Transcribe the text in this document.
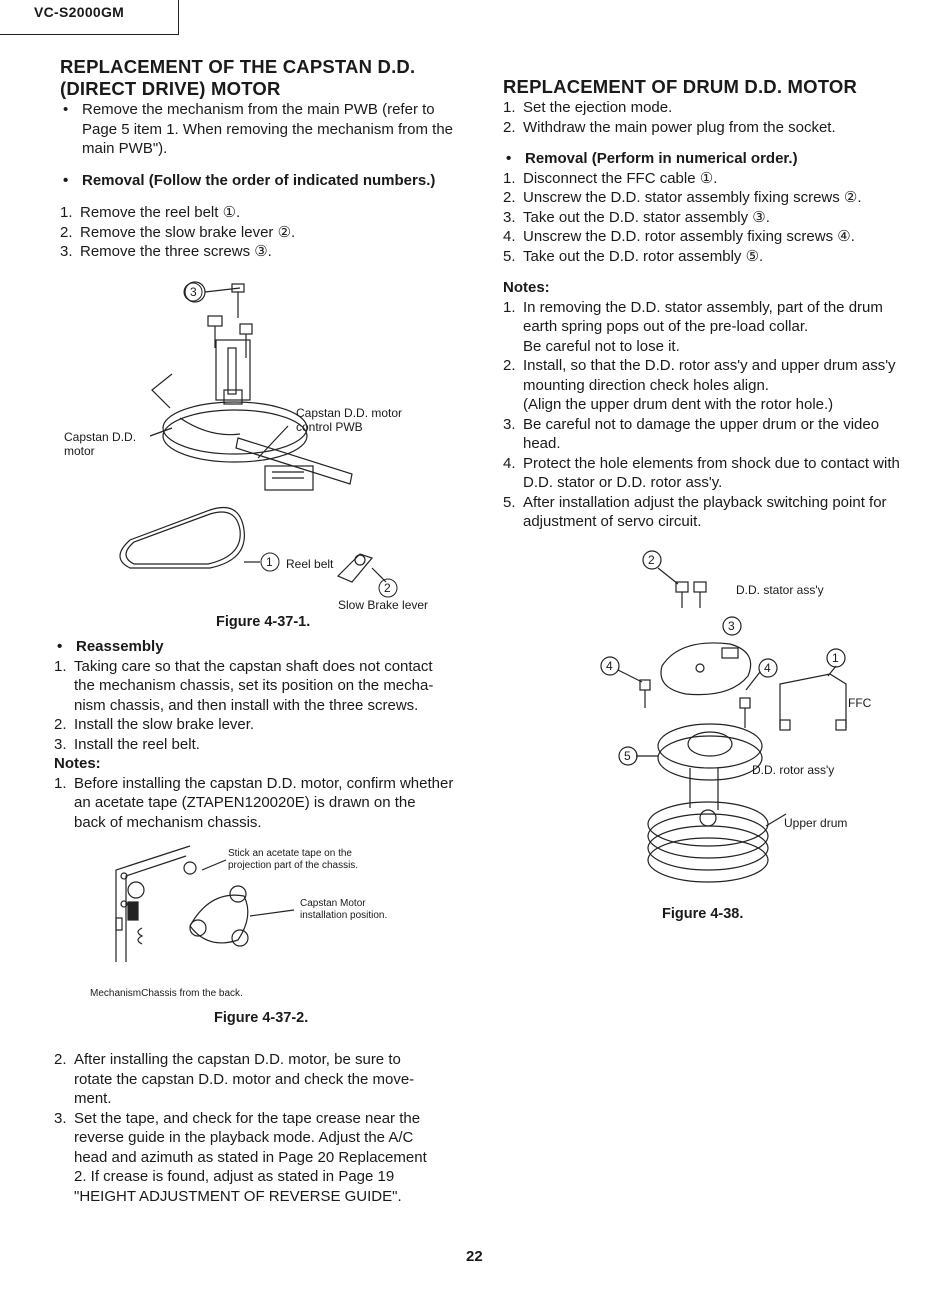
VC-S2000GM
REPLACEMENT OF THE CAPSTAN D.D.
(DIRECT DRIVE) MOTOR
• Remove the mechanism from the main PWB (refer to
Page 5 item 1. When removing the mechanism from the
main PWB").
• Removal (Follow the order of indicated numbers.)
1. Remove the reel belt ①.
2. Remove the slow brake lever ②.
3. Remove the three screws ③.
3
Capstan D.D. motor
control PWB
Capstan D.D.
motor
1 Reel belt
2
Slow Brake lever
Figure 4-37-1.
• Reassembly
1. Taking care so that the capstan shaft does not contact
the mechanism chassis, set its position on the mecha-
nism chassis, and then install with the three screws.
2. Install the slow brake lever.
3. Install the reel belt.
Notes:
1. Before installing the capstan D.D. motor, confirm whether
an acetate tape (ZTAPEN120020E) is drawn on the
back of mechanism chassis.
Stick an acetate tape on the
projection part of the chassis.
Capstan Motor
installation position.
MechanismChassis from the back.
Figure 4-37-2.
2. After installing the capstan D.D. motor, be sure to
rotate the capstan D.D. motor and check the move-
ment.
3. Set the tape, and check for the tape crease near the
reverse guide in the playback mode. Adjust the A/C
head and azimuth as stated in Page 20 Replacement
2. If crease is found, adjust as stated in Page 19
"HEIGHT ADJUSTMENT OF REVERSE GUIDE".
REPLACEMENT OF DRUM D.D. MOTOR
1. Set the ejection mode.
2. Withdraw the main power plug from the socket.
• Removal (Perform in numerical order.)
1. Disconnect the FFC cable ①.
2. Unscrew the D.D. stator assembly fixing screws ②.
3. Take out the D.D. stator assembly ③.
4. Unscrew the D.D. rotor assembly fixing screws ④.
5. Take out the D.D. rotor assembly ⑤.
Notes:
1. In removing the D.D. stator assembly, part of the drum
earth spring pops out of the pre-load collar.
Be careful not to lose it.
2. Install, so that the D.D. rotor ass'y and upper drum ass'y
mounting direction check holes align.
(Align the upper drum dent with the rotor hole.)
3. Be careful not to damage the upper drum or the video
head.
4. Protect the hole elements from shock due to contact with
D.D. stator or D.D. rotor ass'y.
5. After installation adjust the playback switching point for
adjustment of servo circuit.
2
3
4	4
1
5
D.D. stator ass'y
FFC
D.D. rotor ass'y
Upper drum
Figure 4-38.
22
